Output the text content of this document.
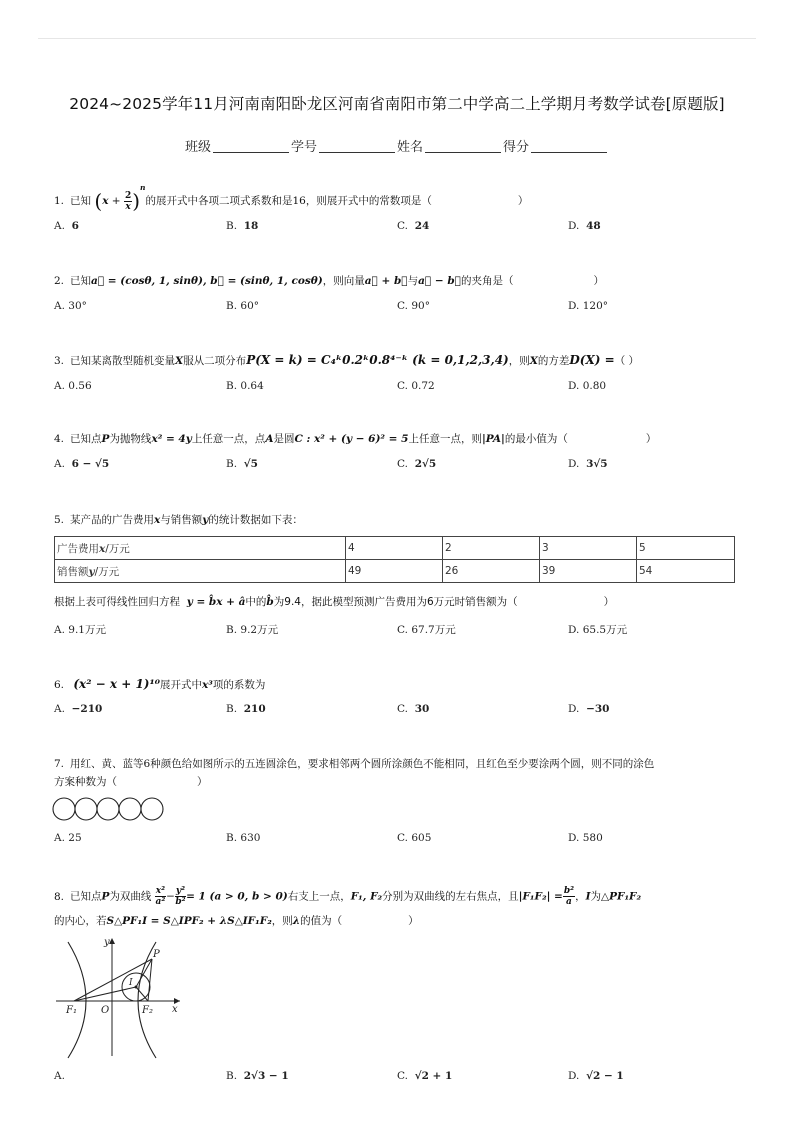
2024~2025学年11月河南南阳卧龙区河南省南阳市第二中学高二上学期月考数学试卷[原题版]
班级	学号	姓名	得分
1. 已知 $(x + \frac{2}{x} )^n$的展开式中各项二项式系数和是16，则展开式中的常数项是（	）
A. 6	B. 18	C. 24	D. 48
2. 已知a⃗ = (cosθ, 1, sinθ), b⃗ = (sinθ, 1, cosθ)，则向量a⃗ + b⃗与a⃗ − b⃗的夹角是（	）
A. 30°	B. 60°	C. 90°	D. 120°
3. 已知某离散型随机变量X服从二项分布P(X = k) = C₄ᵏ0.2ᵏ0.8⁴⁻ᵏ (k = 0,1,2,3,4)，则X的方差D(X) =（ ）
A. 0.56	B. 0.64	C. 0.72	D. 0.80
4. 已知点P为抛物线x² = 4y上任意一点，点A是圆C : x² + (y − 6)² = 5上任意一点，则|PA|的最小值为（	）
A. 6 − √5	B. √5	C. 2√5	D. 3√5
5. 某产品的广告费用x与销售额y的统计数据如下表：
广告费用x/万元	4	2	3	5
销售额y/万元	49	26	39	54
根据上表可得线性回归方程 y = b̂x + â中的b̂为9.4，据此模型预测广告费用为6万元时销售额为（	）
A. 9.1万元	B. 9.2万元	C. 67.7万元	D. 65.5万元
6. (x² − x + 1)¹⁰展开式中x³项的系数为
A. −210	B. 210	C. 30	D. −30
7. 用红、黄、蓝等6种颜色给如图所示的五连圆涂色，要求相邻两个圆所涂颜色不能相同，且红色至少要涂两个圆，则不同的涂色
方案种数为（	）
A. 25	B. 630	C. 605	D. 580
8. 已知点P为双曲线 $\frac{\text{x²}}{\text{a²}} - \frac{\text{y²}}{\text{b²}} = 1$ (a > 0, b > 0)右支上一点，F₁, F₂分别为双曲线的左右焦点，且$|F_1F_2| = \frac{\text{b²}}{a}$ ，I为△PF₁F₂
的内心，若S△PF₁I = S△IPF₂ + λS△IF₁F₂，则λ的值为（	）
y
P
I
F₁ O	F₂ x
A.	B. 2√3 − 1	C. √2 + 1	D. √2 − 1
